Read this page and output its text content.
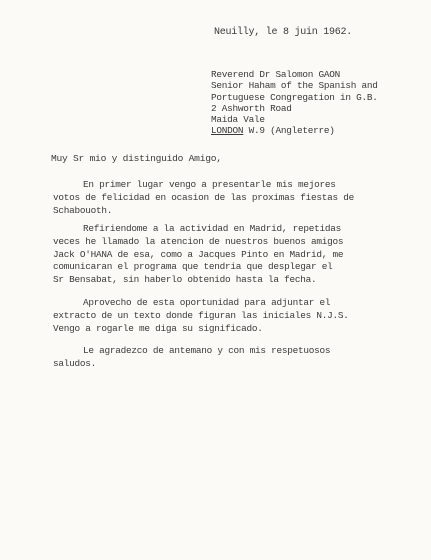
Neuilly, le 8 juin 1962.
Reverend Dr Salomon GAON
Senior Haham of the Spanish and
Portuguese Congregation in G.B.
2 Ashworth Road
Maida Vale
LONDON W.9 (Angleterre)
Muy Sr mio y distinguido Amigo,
En primer lugar vengo a presentarle mis mejores
votos de felicidad en ocasion de las proximas fiestas de
Schabouoth.
Refiriendome a la actividad en Madrid, repetidas
veces he llamado la atencion de nuestros buenos amigos
Jack O'HANA de esa, como a Jacques Pinto en Madrid, me
comunicaran el programa que tendria que desplegar el
Sr Bensabat, sin haberlo obtenido hasta la fecha.
Aprovecho de esta oportunidad para adjuntar el
extracto de un texto donde figuran las iniciales N.J.S.
Vengo a rogarle me diga su significado.
Le agradezco de antemano y con mis respetuosos
saludos.
